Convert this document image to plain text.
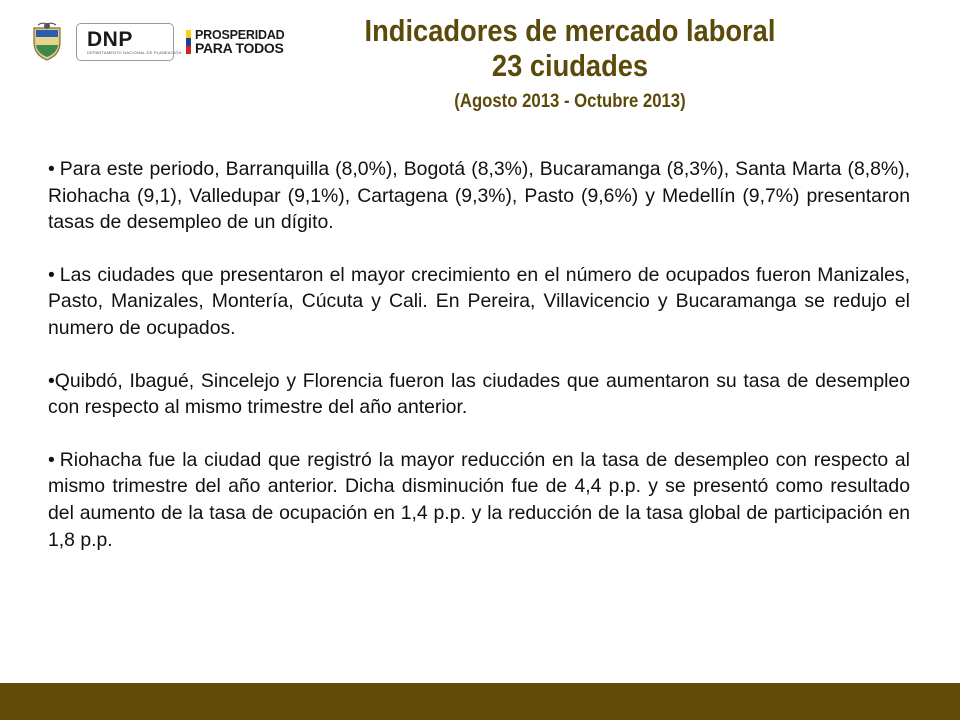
DNP
DEPARTAMENTO NACIONAL DE PLANEACIÓN
PROSPERIDAD
PARA TODOS
Indicadores de mercado laboral
23 ciudades
(Agosto 2013 - Octubre 2013)

• Para este periodo, Barranquilla (8,0%), Bogotá (8,3%), Bucaramanga (8,3%), Santa Marta (8,8%), Riohacha (9,1), Valledupar (9,1%), Cartagena (9,3%), Pasto (9,6%) y Medellín (9,7%) presentaron tasas de desempleo de un dígito.

• Las ciudades que presentaron el mayor crecimiento en el número de ocupados fueron Manizales, Pasto, Manizales, Montería, Cúcuta y Cali. En Pereira, Villavicencio y Bucaramanga se redujo el numero de ocupados.

•Quibdó, Ibagué, Sincelejo y Florencia fueron las ciudades que aumentaron su tasa de desempleo con respecto al mismo trimestre del año anterior.

• Riohacha fue la ciudad que registró la mayor reducción en la tasa de desempleo con respecto al mismo trimestre del año anterior. Dicha disminución fue de 4,4 p.p. y se presentó como resultado del aumento de la tasa de ocupación en 1,4 p.p. y la reducción de la tasa global de participación en 1,8 p.p.
